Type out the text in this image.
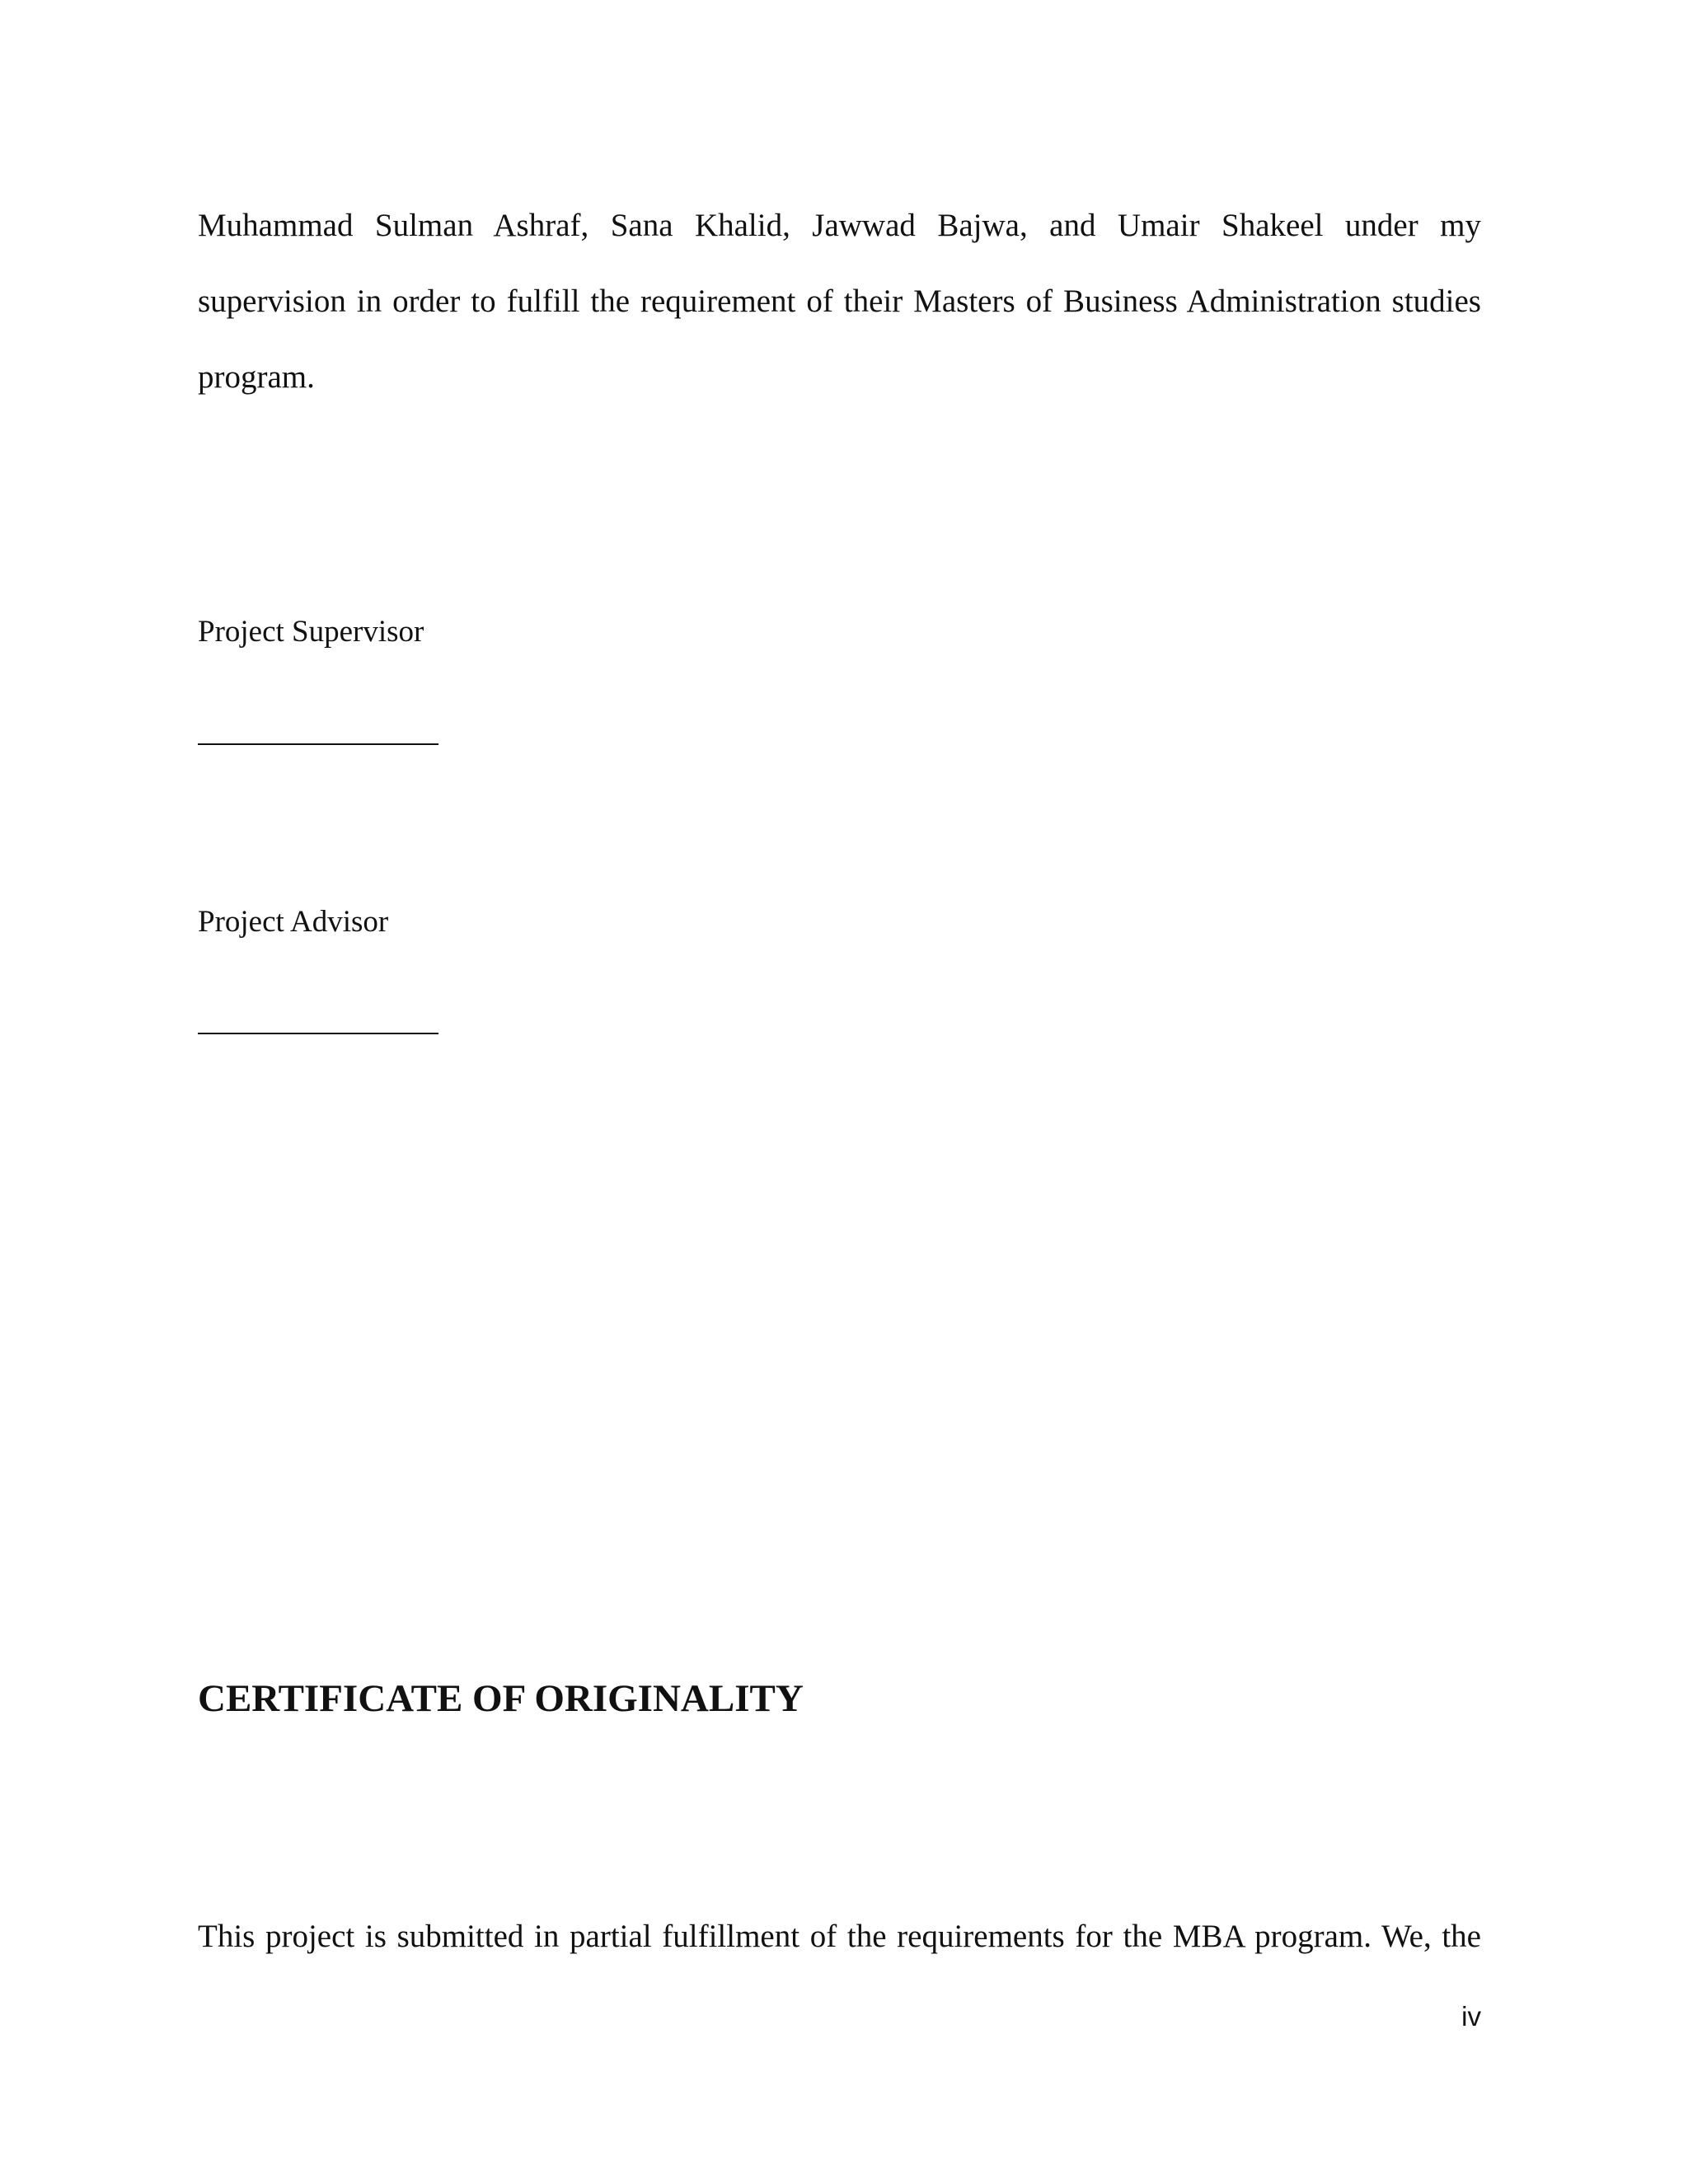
Muhammad Sulman Ashraf, Sana Khalid, Jawwad Bajwa, and Umair Shakeel under my supervision in order to fulfill the requirement of their Masters of Business Administration studies program.

Project Supervisor

Project Advisor

CERTIFICATE OF ORIGINALITY

This project is submitted in partial fulfillment of the requirements for the MBA program. We, the

iv
